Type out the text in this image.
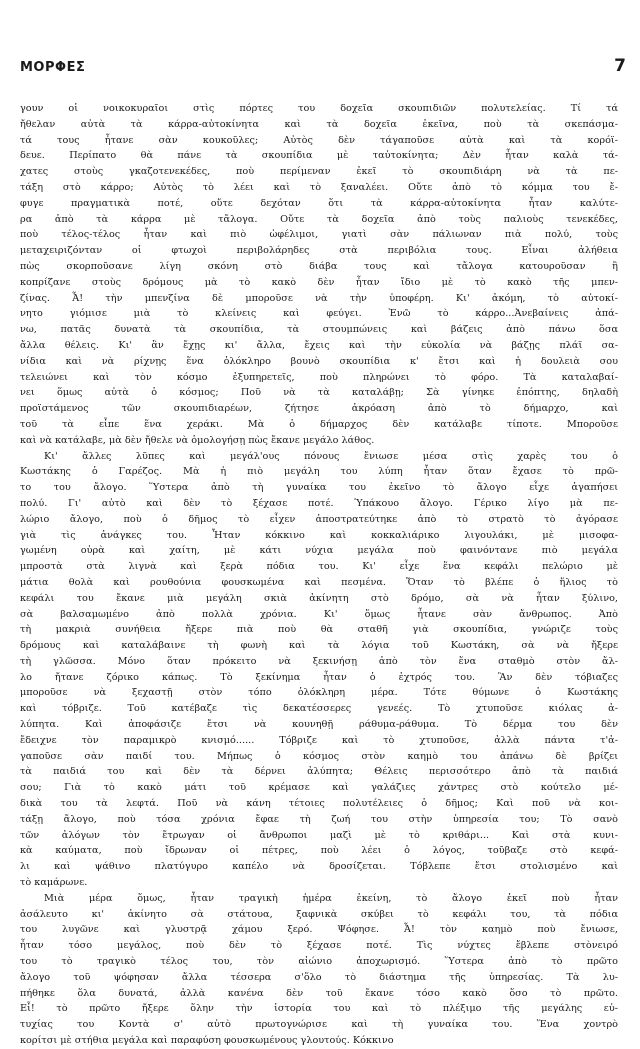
ΜΟΡΦΕΣ	7
γουν οἱ νοικοκυραῖοι στὶς πόρτες του δοχεῖα σκουπιδιῶν πολυτελείας. Τί τά
ἤθελαν αὐτὰ τὰ κάρρα-αὐτοκίνητα καὶ τὰ δοχεῖα ἐκεῖνα, ποὺ τὰ σκεπάσμα-
τά τους ἦτανε σὰν κουκοῦλες; Αὐτὸς δὲν τάγαποῦσε αὐτὰ καὶ τὰ κορόϊ-
δευε. Περίπατο θὰ πάνε τὰ σκουπίδια μὲ ταὐτοκίνητα; Δὲν ἦταν καλὰ τά-
χατες στοὺς γκαζοτενεκέδες, ποὺ περίμεναν ἐκεῖ τὸ σκουπιδιάρη νὰ τὰ πε-
τάξη στὸ κάρρο; Αὐτὸς τὸ λέει καὶ τὸ ξαναλέει. Οὔτε ἀπὸ τὸ κόμμα του ἔ-
φυγε πραγματικὰ ποτέ, οὔτε δεχόταν ὅτι τὰ κάρρα-αὐτοκίνητα ἦταν καλύτε-
ρα ἀπὸ τὰ κάρρα μὲ τἄλογα. Οὔτε τὰ δοχεῖα ἀπὸ τοὺς παλιοὺς τενεκέδες,
ποὺ τέλος-τέλος ἦταν καὶ πιὸ ὠφέλιμοι, γιατὶ σὰν πάλιωναν πιὰ πολύ, τοὺς
μεταχειριζόνταν οἱ φτωχοὶ περιβολάρηδες στὰ περιβόλια τους. Εἶναι ἀλήθεια
πὼς σκορποῦσανε λίγη σκόνη στὸ διάβα τους καὶ τἄλογα κατουροῦσαν ἢ
κοπρίζανε στοὺς δρόμους μὰ τὸ κακὸ δὲν ἦταν ἴδιο μὲ τὸ κακὸ τῆς μπεν-
ζίνας. Ἆ! τὴν μπενζίνα δὲ μποροῦσε νὰ τὴν ὑποφέρη. Κι' ἀκόμη, τὸ αὐτοκί-
νητο γιόμισε μιὰ τὸ κλείνεις καὶ φεύγει. Ἐνῶ τὸ κάρρο...Ἀνεβαίνεις ἀπά-
νω, πατᾶς δυνατὰ τὰ σκουπίδια, τὰ στουμπώνεις καὶ βάζεις ἀπὸ πάνω ὅσα
ἄλλα θέλεις. Κι' ἂν ἔχῃς κι' ἄλλα, ἔχεις καὶ τὴν εὐκολία νὰ βάζῃς πλάϊ σα-
νίδια καὶ νὰ ρίχνῃς ἕνα ὁλόκληρο βουνὸ σκουπίδια κ' ἔτσι καὶ ἡ δουλειὰ σου
τελειώνει καὶ τὸν κόσμο ἐξυπηρετεῖς, ποὺ πληρώνει τὸ φόρο. Τὰ καταλαβαί-
νει ὅμως αὐτὰ ὁ κόσμος; Ποῦ νὰ τὰ καταλάβῃ; Σὰ γίνηκε ἐπόπτης, δηλαδὴ
προϊστάμενος τῶν σκουπιδιαρέων, ζήτησε ἀκρόαση ἀπὸ τὸ δήμαρχο, καὶ
τοῦ τὰ εἶπε ἕνα χεράκι. Μὰ ὁ δήμαρχος δὲν κατάλαβε τίποτε. Μποροῦσε
καὶ νὰ κατάλαβε, μὰ δὲν ἤθελε νὰ ὁμολογήσῃ πὼς ἔκανε μεγάλο λάθος.
Κι' ἄλλες λῦπες καὶ μεγάλ'ους πόνους ἔνιωσε μέσα στὶς χαρὲς του ὁ
Κωστάκης ὁ Γαρέζος. Μὰ ἡ πιὸ μεγάλη του λύπη ἦταν ὅταν ἔχασε τὸ πρῶ-
το του ἄλογο. Ὕστερα ἀπὸ τὴ γυναίκα του ἐκεῖνο τὸ ἄλογο εἶχε ἀγαπήσει
πολύ. Γι' αὐτὸ καὶ δὲν τὸ ξέχασε ποτέ. Ὑπάκουο ἄλογο. Γέρικο λίγο μὰ πε-
λώριο ἄλογο, ποὺ ὁ δῆμος τὸ εἶχεν ἀποστρατεύτηκε ἀπὸ τὸ στρατὸ τὸ ἀγόρασε
γιὰ τὶς ἀνάγκες του. Ἦταν κόκκινο καὶ κοκκαλιάρικο λιγουλάκι, μὲ μισοφα-
γωμένη οὐρὰ καὶ χαίτη, μὲ κάτι νύχια μεγάλα ποὺ φαινόντανε πιὸ μεγάλα
μπροστὰ στὰ λιγνὰ καὶ ξερὰ πόδια του. Κι' εἶχε ἕνα κεφάλι πελώριο μὲ
μάτια θολὰ καὶ ρουθούνια φουσκωμένα καὶ πεσμένα. Ὅταν τὸ βλέπε ὁ ἥλιος τὸ
κεφάλι του ἔκανε μιὰ μεγάλη σκιὰ ἀκίνητη στὸ δρόμο, σὰ νὰ ἦταν ξύλινο,
σὰ βαλσαμωμένο ἀπὸ πολλὰ χρόνια. Κι' ὅμως ἦτανε σὰν ἄνθρωπος. Ἀπὸ
τὴ μακριὰ συνήθεια ἤξερε πιὰ ποὺ θὰ σταθῆ γιὰ σκουπίδια, γνώριζε τοὺς
δρόμους καὶ καταλάβαινε τὴ φωνὴ καὶ τὰ λόγια τοῦ Κωστάκη, σὰ νὰ ἤξερε
τὴ γλῶσσα. Μόνο ὅταν πρόκειτο νὰ ξεκινήσῃ ἀπὸ τὸν ἕνα σταθμὸ στὸν ἄλ-
λο ἤτανε ζόρικο κάπως. Τὸ ξεκίνημα ἦταν ὁ ἐχτρός του. Ἂν δὲν τόβιαζες
μποροῦσε νὰ ξεχαστῇ στὸν τόπο ὁλόκληρη μέρα. Τότε θύμωνε ὁ Κωστάκης
καὶ τόβριζε. Τοῦ κατέβαζε τὶς δεκατέσσερες γενεές. Τὸ χτυποῦσε κιόλας ἀ-
λύπητα. Καὶ ἀποφάσιζε ἔτσι νὰ κουνηθῇ ράθυμα-ράθυμα. Τὸ δέρμα του δὲν
ἔδειχνε τὸν παραμικρὸ κνισμό...... Τόβριζε καὶ τὸ χτυποῦσε, ἀλλὰ πάντα τ'ἀ-
γαποῦσε σὰν παιδί του. Μήπως ὁ κόσμος στὸν καημὸ του ἀπάνω δὲ βρίζει
τὰ παιδιά του καὶ δὲν τὰ δέρνει ἀλύπητα; Θέλεις περισσότερο ἀπὸ τὰ παιδιά
σου; Γιὰ τὸ κακὸ μάτι τοῦ κρέμασε καὶ γαλάζιες χάντρες στὸ κούτελο μέ-
δικὰ του τὰ λεφτά. Ποῦ νὰ κάνη τέτοιες πολυτέλειες ὁ δῆμος; Καὶ ποῦ νὰ κοι-
τάξῃ ἄλογο, ποὺ τόσα χρόνια ἔφαε τὴ ζωή του στὴν ὑπηρεσία του; Τὸ σανὸ
τῶν ἀλόγων τὸν ἔτρωγαν οἱ ἄνθρωποι μαζὶ μὲ τὸ κριθάρι... Καὶ στὰ κυνι-
κὰ καύματα, ποὺ ἴδρωναν οἱ πέτρες, ποὺ λέει ὁ λόγος, τοῦβαζε στὸ κεφά-
λι καὶ ψάθινο πλατύγυρο καπέλο νὰ δροσίζεται. Τόβλεπε ἔτσι στολισμένο καὶ
τὸ καμάρωνε.
Μιὰ μέρα ὅμως, ἦταν τραγικὴ ἡμέρα ἐκείνη, τὸ ἄλογο ἐκεῖ ποὺ ἦταν
ἀσάλευτο κι' ἀκίνητο σὰ στάτουα, ξαφνικὰ σκύβει τὸ κεφάλι του, τὰ πόδια
του λυγῶνε καὶ γλυστρᾷ χάμου ξερό. Ψόφησε. Ἆ! τὸν καημὸ ποὺ ἔνιωσε,
ἦταν τόσο μεγάλος, ποὺ δὲν τὸ ξέχασε ποτέ. Τὶς νύχτες ἔβλεπε στὸνειρό
του τὸ τραγικὸ τέλος του, τὸν αἰώνιο ἀποχωρισμό. Ὕστερα ἀπὸ τὸ πρῶτο
ἄλογο τοῦ ψόφησαν ἄλλα τέσσερα σ'ὅλο τὸ διάστημα τῆς ὑπηρεσίας. Τὰ λυ-
πήθηκε ὅλα δυνατά, ἀλλὰ κανένα δὲν τοῦ ἔκανε τόσο κακὸ ὅσο τὸ πρῶτο.
Εἶ! τὸ πρῶτο ἤξερε ὅλην τὴν ἱστορία του καὶ τὸ πλέξιμο τῆς μεγάλης εὐ-
τυχίας του Κοντὰ σ' αὐτὸ πρωτογνώρισε καὶ τὴ γυναίκα του. Ἕνα χοντρὸ
κορίτσι μὲ στήθια μεγάλα καὶ παραφύση φουσκωμένους γλουτούς. Κόκκινο
